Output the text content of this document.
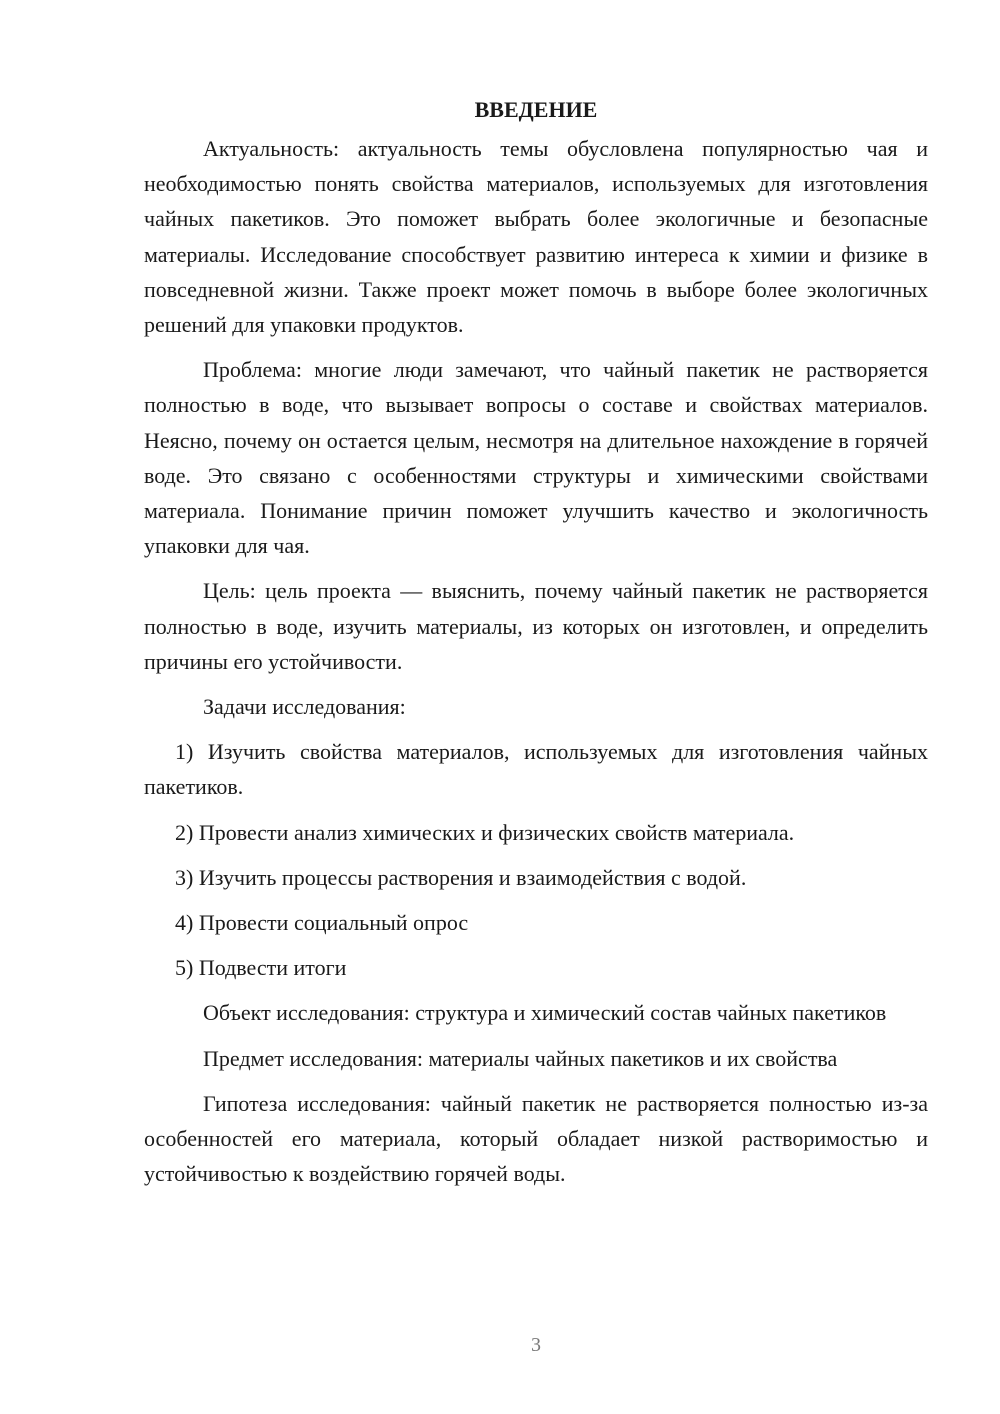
ВВЕДЕНИЕ

Актуальность: актуальность темы обусловлена популярностью чая и необходимостью понять свойства материалов, используемых для изготовления чайных пакетиков. Это поможет выбрать более экологичные и безопасные материалы. Исследование способствует развитию интереса к химии и физике в повседневной жизни. Также проект может помочь в выборе более экологичных решений для упаковки продуктов.

Проблема: многие люди замечают, что чайный пакетик не растворяется полностью в воде, что вызывает вопросы о составе и свойствах материалов. Неясно, почему он остается целым, несмотря на длительное нахождение в горячей воде. Это связано с особенностями структуры и химическими свойствами материала. Понимание причин поможет улучшить качество и экологичность упаковки для чая.

Цель: цель проекта — выяснить, почему чайный пакетик не растворяется полностью в воде, изучить материалы, из которых он изготовлен, и определить причины его устойчивости.

Задачи исследования:

1) Изучить свойства материалов, используемых для изготовления чайных пакетиков.

2) Провести анализ химических и физических свойств материала.

3) Изучить процессы растворения и взаимодействия с водой.

4) Провести социальный опрос

5) Подвести итоги

Объект исследования: структура и химический состав чайных пакетиков

Предмет исследования: материалы чайных пакетиков и их свойства

Гипотеза исследования: чайный пакетик не растворяется полностью из-за особенностей его материала, который обладает низкой растворимостью и устойчивостью к воздействию горячей воды.

3
